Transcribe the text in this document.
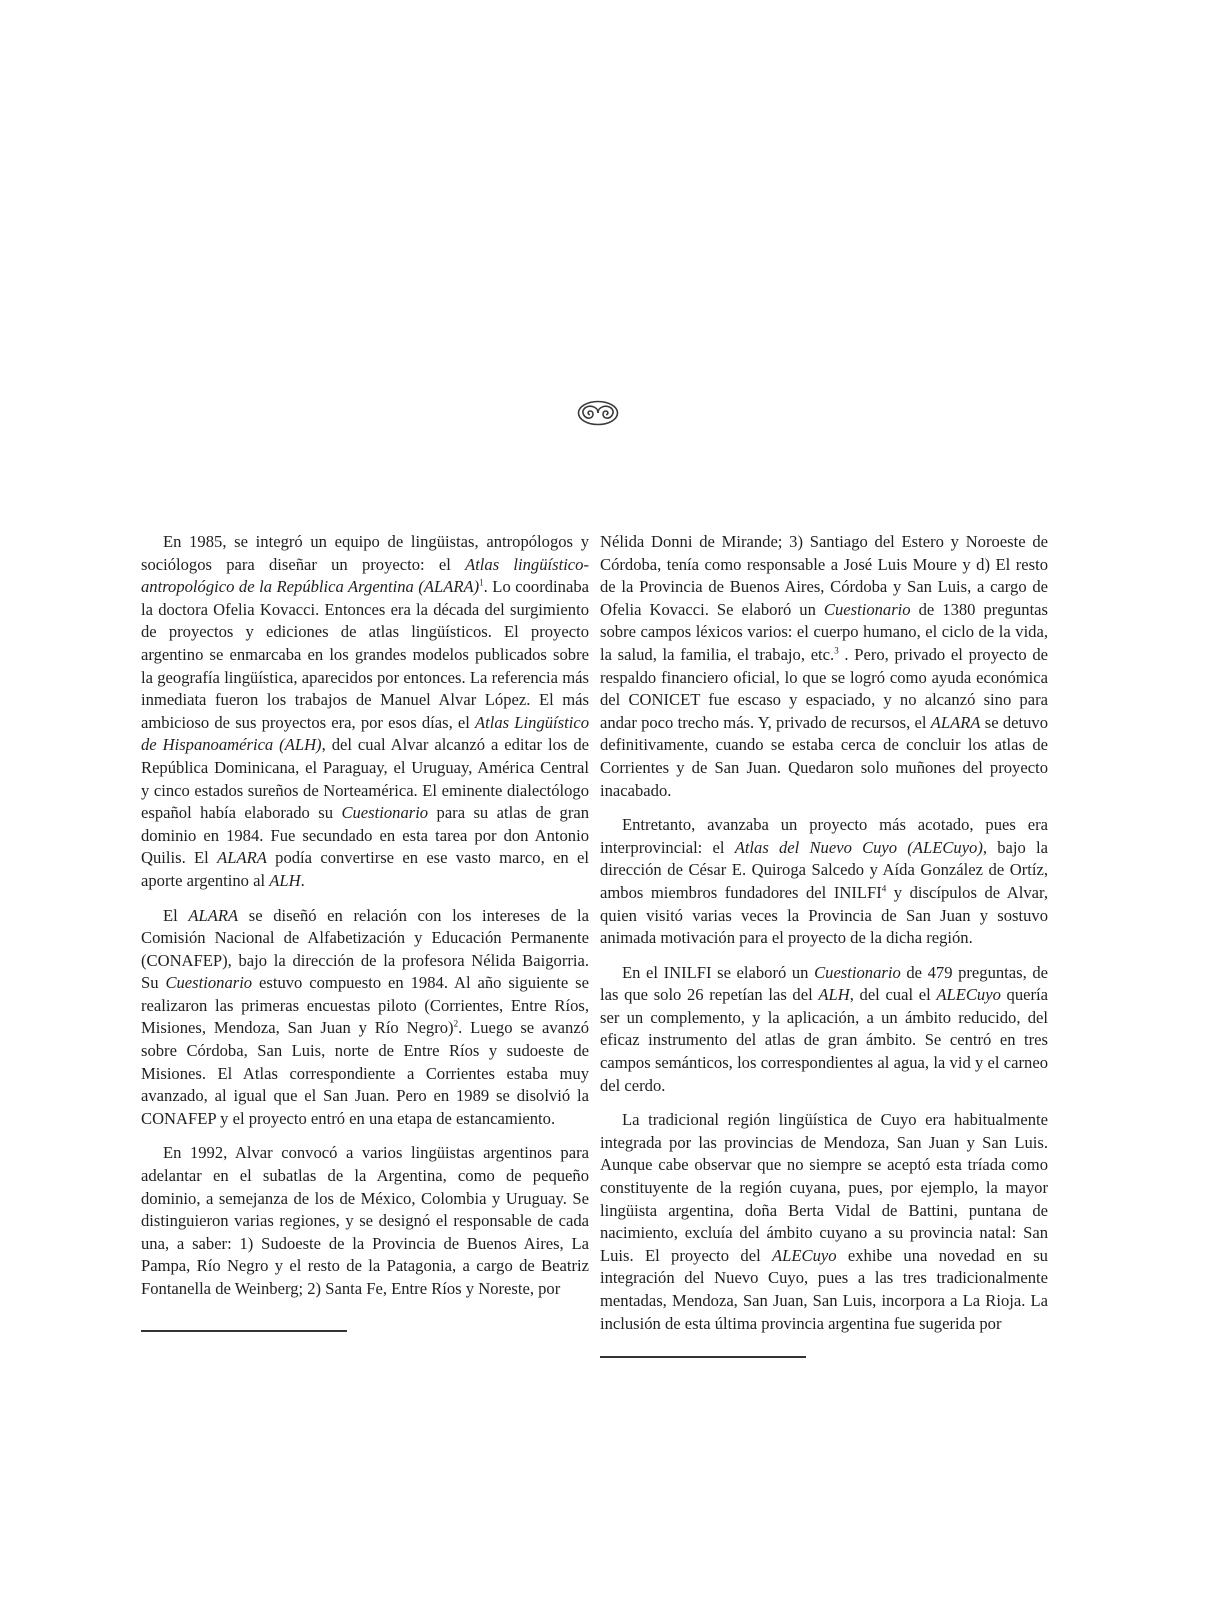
En 1985, se integró un equipo de lingüistas, antropólogos y sociólogos para diseñar un proyecto: el Atlas lingüístico-antropológico de la República Argentina (ALARA)$^1$. Lo coordinaba la doctora Ofelia Kovacci. Entonces era la década del surgimiento de proyectos y ediciones de atlas lingüísticos. El proyecto argentino se enmarcaba en los grandes modelos publicados sobre la geografía lingüística, aparecidos por entonces. La referencia más inmediata fueron los trabajos de Manuel Alvar López. El más ambicioso de sus proyectos era, por esos días, el Atlas Lingüístico de Hispanoamérica (ALH), del cual Alvar alcanzó a editar los de República Dominicana, el Paraguay, el Uruguay, América Central y cinco estados sureños de Norteamérica. El eminente dialectólogo español había elaborado su Cuestionario para su atlas de gran dominio en 1984. Fue secundado en esta tarea por don Antonio Quilis. El ALARA podía convertirse en ese vasto marco, en el aporte argentino al ALH.

El ALARA se diseñó en relación con los intereses de la Comisión Nacional de Alfabetización y Educación Permanente (CONAFEP), bajo la dirección de la profesora Nélida Baigorria. Su Cuestionario estuvo compuesto en 1984. Al año siguiente se realizaron las primeras encuestas piloto (Corrientes, Entre Ríos, Misiones, Mendoza, San Juan y Río Negro)$^2$. Luego se avanzó sobre Córdoba, San Luis, norte de Entre Ríos y sudoeste de Misiones. El Atlas correspondiente a Corrientes estaba muy avanzado, al igual que el San Juan. Pero en 1989 se disolvió la CONAFEP y el proyecto entró en una etapa de estancamiento.

En 1992, Alvar convocó a varios lingüistas argentinos para adelantar en el subatlas de la Argentina, como de pequeño dominio, a semejanza de los de México, Colombia y Uruguay. Se distinguieron varias regiones, y se designó el responsable de cada una, a saber: 1) Sudoeste de la Provincia de Buenos Aires, La Pampa, Río Negro y el resto de la Patagonia, a cargo de Beatriz Fontanella de Weinberg; 2) Santa Fe, Entre Ríos y Noreste, por

Nélida Donni de Mirande; 3) Santiago del Estero y Noroeste de Córdoba, tenía como responsable a José Luis Moure y d) El resto de la Provincia de Buenos Aires, Córdoba y San Luis, a cargo de Ofelia Kovacci. Se elaboró un Cuestionario de 1380 preguntas sobre campos léxicos varios: el cuerpo humano, el ciclo de la vida, la salud, la familia, el trabajo, etc.$^3$ . Pero, privado el proyecto de respaldo financiero oficial, lo que se logró como ayuda económica del CONICET fue escaso y espaciado, y no alcanzó sino para andar poco trecho más. Y, privado de recursos, el ALARA se detuvo definitivamente, cuando se estaba cerca de concluir los atlas de Corrientes y de San Juan. Quedaron solo muñones del proyecto inacabado.

Entretanto, avanzaba un proyecto más acotado, pues era interprovincial: el Atlas del Nuevo Cuyo (ALECuyo), bajo la dirección de César E. Quiroga Salcedo y Aída González de Ortíz, ambos miembros fundadores del INILFI$^4$ y discípulos de Alvar, quien visitó varias veces la Provincia de San Juan y sostuvo animada motivación para el proyecto de la dicha región.

En el INILFI se elaboró un Cuestionario de 479 preguntas, de las que solo 26 repetían las del ALH, del cual el ALECuyo quería ser un complemento, y la aplicación, a un ámbito reducido, del eficaz instrumento del atlas de gran ámbito. Se centró en tres campos semánticos, los correspondientes al agua, la vid y el carneo del cerdo.

La tradicional región lingüística de Cuyo era habitualmente integrada por las provincias de Mendoza, San Juan y San Luis. Aunque cabe observar que no siempre se aceptó esta tríada como constituyente de la región cuyana, pues, por ejemplo, la mayor lingüista argentina, doña Berta Vidal de Battini, puntana de nacimiento, excluía del ámbito cuyano a su provincia natal: San Luis. El proyecto del ALECuyo exhibe una novedad en su integración del Nuevo Cuyo, pues a las tres tradicionalmente mentadas, Mendoza, San Juan, San Luis, incorpora a La Rioja. La inclusión de esta última provincia argentina fue sugerida por
